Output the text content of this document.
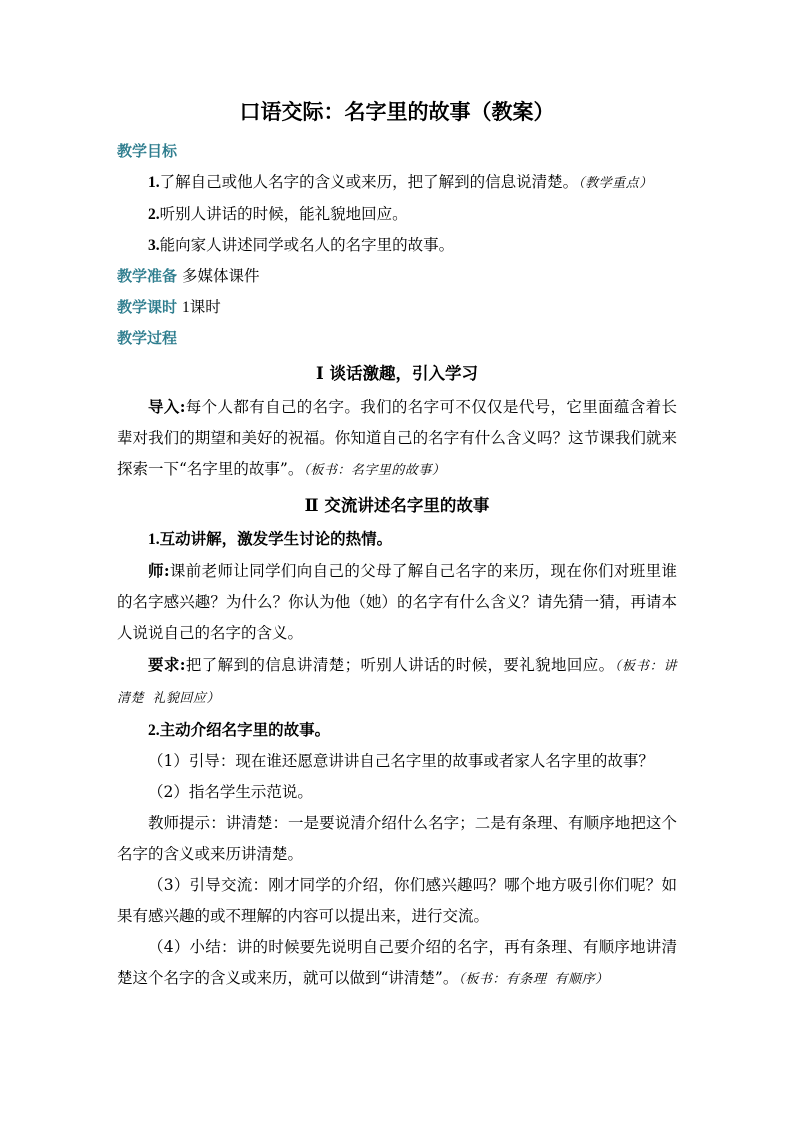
口语交际：名字里的故事（教案）
教学目标
1.了解自己或他人名字的含义或来历，把了解到的信息说清楚。（教学重点）
2.听别人讲话的时候，能礼貌地回应。
3.能向家人讲述同学或名人的名字里的故事。
教学准备 多媒体课件
教学课时 1课时
教学过程
Ⅰ 谈话激趣，引入学习

导入:每个人都有自己的名字。我们的名字可不仅仅是代号，它里面蕴含着长辈对我们的期望和美好的祝福。你知道自己的名字有什么含义吗？这节课我们就来探索一下“名字里的故事”。（板书：名字里的故事）

Ⅱ 交流讲述名字里的故事
1.互动讲解，激发学生讨论的热情。

师:课前老师让同学们向自己的父母了解自己名字的来历，现在你们对班里谁的名字感兴趣？为什么？你认为他（她）的名字有什么含义？请先猜一猜，再请本人说说自己的名字的含义。

要求:把了解到的信息讲清楚；听别人讲话的时候，要礼貌地回应。（板书：讲清楚 礼貌回应）

2.主动介绍名字里的故事。

（1）引导：现在谁还愿意讲讲自己名字里的故事或者家人名字里的故事？

（2）指名学生示范说。

教师提示：讲清楚：一是要说清介绍什么名字；二是有条理、有顺序地把这个名字的含义或来历讲清楚。

（3）引导交流：刚才同学的介绍，你们感兴趣吗？哪个地方吸引你们呢？如果有感兴趣的或不理解的内容可以提出来，进行交流。

（4）小结：讲的时候要先说明自己要介绍的名字，再有条理、有顺序地讲清楚这个名字的含义或来历，就可以做到“讲清楚”。（板书：有条理 有顺序）
